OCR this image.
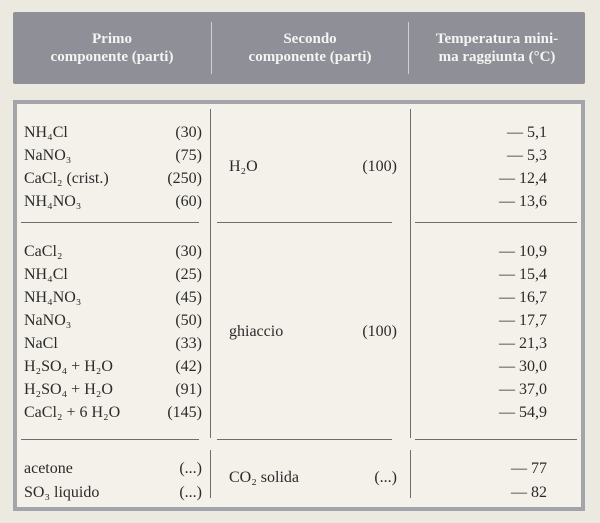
Primo
componente (parti)
Secondo
componente (parti)
Temperatura mini-
ma raggiunta (°C)
NH₄Cl	(30)	— 5,1
NaNO₃	(75)	— 5,3
CaCl₂ (crist.)	(250)	— 12,4
NH₄NO₃	(60)	— 13,6
H₂O	(100)
CaCl₂	(30)	— 10,9
NH₄Cl	(25)	— 15,4
NH₄NO₃	(45)	— 16,7
NaNO₃	(50)	— 17,7
NaCl	(33)	— 21,3
H₂SO₄ + H₂O	(42)	— 30,0
H₂SO₄ + H₂O	(91)	— 37,0
CaCl₂ + 6 H₂O	(145)	— 54,9
ghiaccio	(100)
acetone	(...)	— 77
SO₃ liquido	(...)	— 82
CO₂ solida	(...)
